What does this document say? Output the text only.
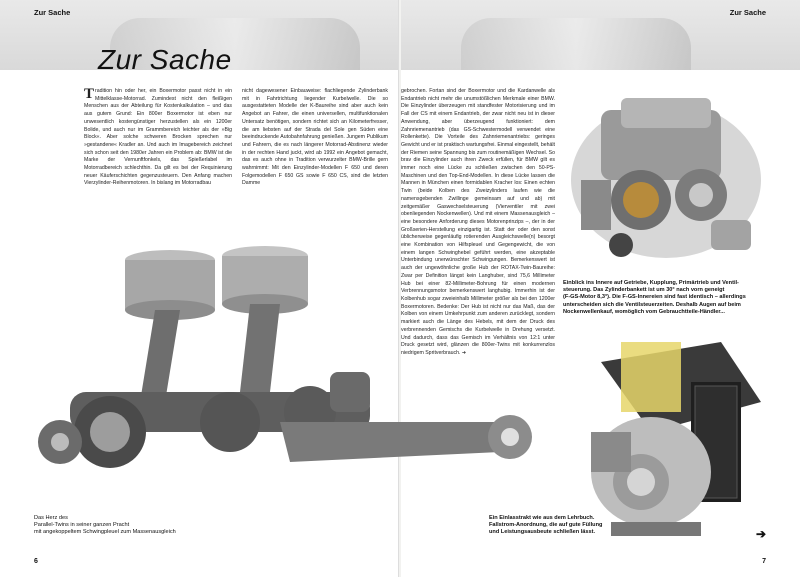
Zur Sache
Zur Sache
Tradition hin oder her, ein Boxermotor passt nicht in ein Mittelklasse-Motorrad. Zumindest nicht den fleißigen Menschen aus der Abteilung für Kostenkalkulation – und das aus gutem Grund: Ein 800er Boxermotor ist eben nur unwesentlich kostengünstiger herzustellen als ein 1200er Bolide, und auch nur im Grammbereich leichter als der »Big Block«. Aber solche schweren Brocken sprechen nur »gestandene« Kradler an. Und auch im Imagebereich zeichnet sich schon seit den 1980er Jahren ein Problem ab: BMW ist die Marke der Vernunftfonkels, das Spießerlabel im Motorradbereich schlechthin. Da gilt es bei der Requinierung neuer Käuferschichten gegenzusteuern. Den Anfang machen Vierzylinder-Reihenmotoren. In bislang im Motorradbau
nicht dagewesener Einbauweise: flachliegende Zylinderbank mit in Fahrtrichtung liegender Kurbelwelle. Die so ausgestatteten Modelle der K-Baureihe sind aber auch kein Angebot an Fahrer, die einen universellen, multifunktionalen Untersatz benötigen, sondern richtet sich an Kilometerfresser, die am liebsten auf der Strada del Sole gen Süden eine beeindruckende Autobahnfahrung genießen. Jungem Publikum und Fahrern, die es nach längerer Motorrad-Abstinenz wieder in der rechten Hand juckt, wird ab 1992 ein Angebot gemacht, das es auch ohne in Tradition verwurzelter BMW-Brille gern wahrnimmt: Mit den Einzylinder-Modellen F 650 und deren Folgemodellen F 650 GS sowie F 650 CS, sind die letzten Damme
Das Herz des
Parallel-Twins in seiner ganzen Pracht
mit angekoppeltem Schwingpleuel zum Massenausgleich
6
Zur Sache
gebrochen. Fortan sind der Boxermotor und die Kardanwelle als Endantrieb nicht mehr die unumstößlichen Merkmale einer BMW. Die Einzylinder überzeugen mit standfester Motorisierung und im Fall der CS mit einem Endantrieb, der zwar nicht neu ist in dieser Anwendung, aber überzeugend funktioniert: dem Zahnriemenantrieb (das GS-Schwestermodell verwendet eine Rollenkette). Die Vorteile des Zahnriemenantriebs: geringes Gewicht und er ist praktisch wartungsfrei. Einmal eingestellt, behält der Riemen seine Spannung bis zum routinemäßigen Wechsel. So brav die Einzylinder auch ihren Zweck erfüllen, für BMW gilt es immer noch eine Lücke zu schließen zwischen den 50-PS-Maschinen und den Top-End-Modellen. In diese Lücke lassen die Mannen in München einen formidablen Kracher los: Einen echten Twin (beide Kolben des Zweizylinders laufen wie die namensgebenden Zwillinge gemeinsam auf und ab) mit zeitgemäßer Gaswechselsteuerung (Vierventiler mit zwei obenliegenden Nockenwellen). Und mit einem Massenausgleich – eine besondere Anforderung dieses Motorenprinzips –, der in der Großserien-Herstellung einzigartig ist. Statt der oder den sonst üblicherweise gegenläufig rotierenden Ausgleichswelle(n) besorgt eine Kombination von Hilfspleuel und Gegengewicht, die von einem langen Schwinghebel geführt werden, eine akzeptable Unterbindung unerwünschter Schwingungen. Bemerkenswert ist auch der ungewöhnliche große Hub der ROTAX-Twin-Baureihe: Zwar per Definition längst kein Langhuber, sind 75,6 Millimeter Hub bei einer 82-Millimeter-Bohrung für einen modernen Verbrennungsmotor bemerkenswert langhubig. Immerhin ist der Kolbenhub sogar zweieinhalb Millimeter größer als bei den 1200er Boxermotoren. Bedenke: Der Hub ist nicht nur das Maß, das der Kolben von einem Umkehrpunkt zum anderen zurücklegt, sondern markiert auch die Länge des Hebels, mit dem der Druck des verbrennenden Gemischs die Kurbelwelle in Drehung versetzt. Und dadurch, dass das Gemisch im Verhältnis von 12:1 unter Druck gesetzt wird, glänzen die 800er-Twins mit konkurrenzlos niedrigem Spritverbrauch. ➜
Einblick ins Innere auf Getriebe, Kupplung, Primärtrieb und Ventil-
steuerung. Das Zylinderbankett ist um 30° nach vorn geneigt
(F-GS-Motor 8,3°). Die F-GS-Innereien sind fast identisch – allerdings
unterscheiden sich die Ventilsteuerzeiten. Deshalb Augen auf beim
Nockenwellenkauf, womöglich vom Gebrauchtteile-Händler...
Ein Einlasstrakt wie aus dem Lehrbuch.
Fallstrom-Anordnung, die auf gute Füllung
und Leistungsausbeute schließen lässt.	➔
7
